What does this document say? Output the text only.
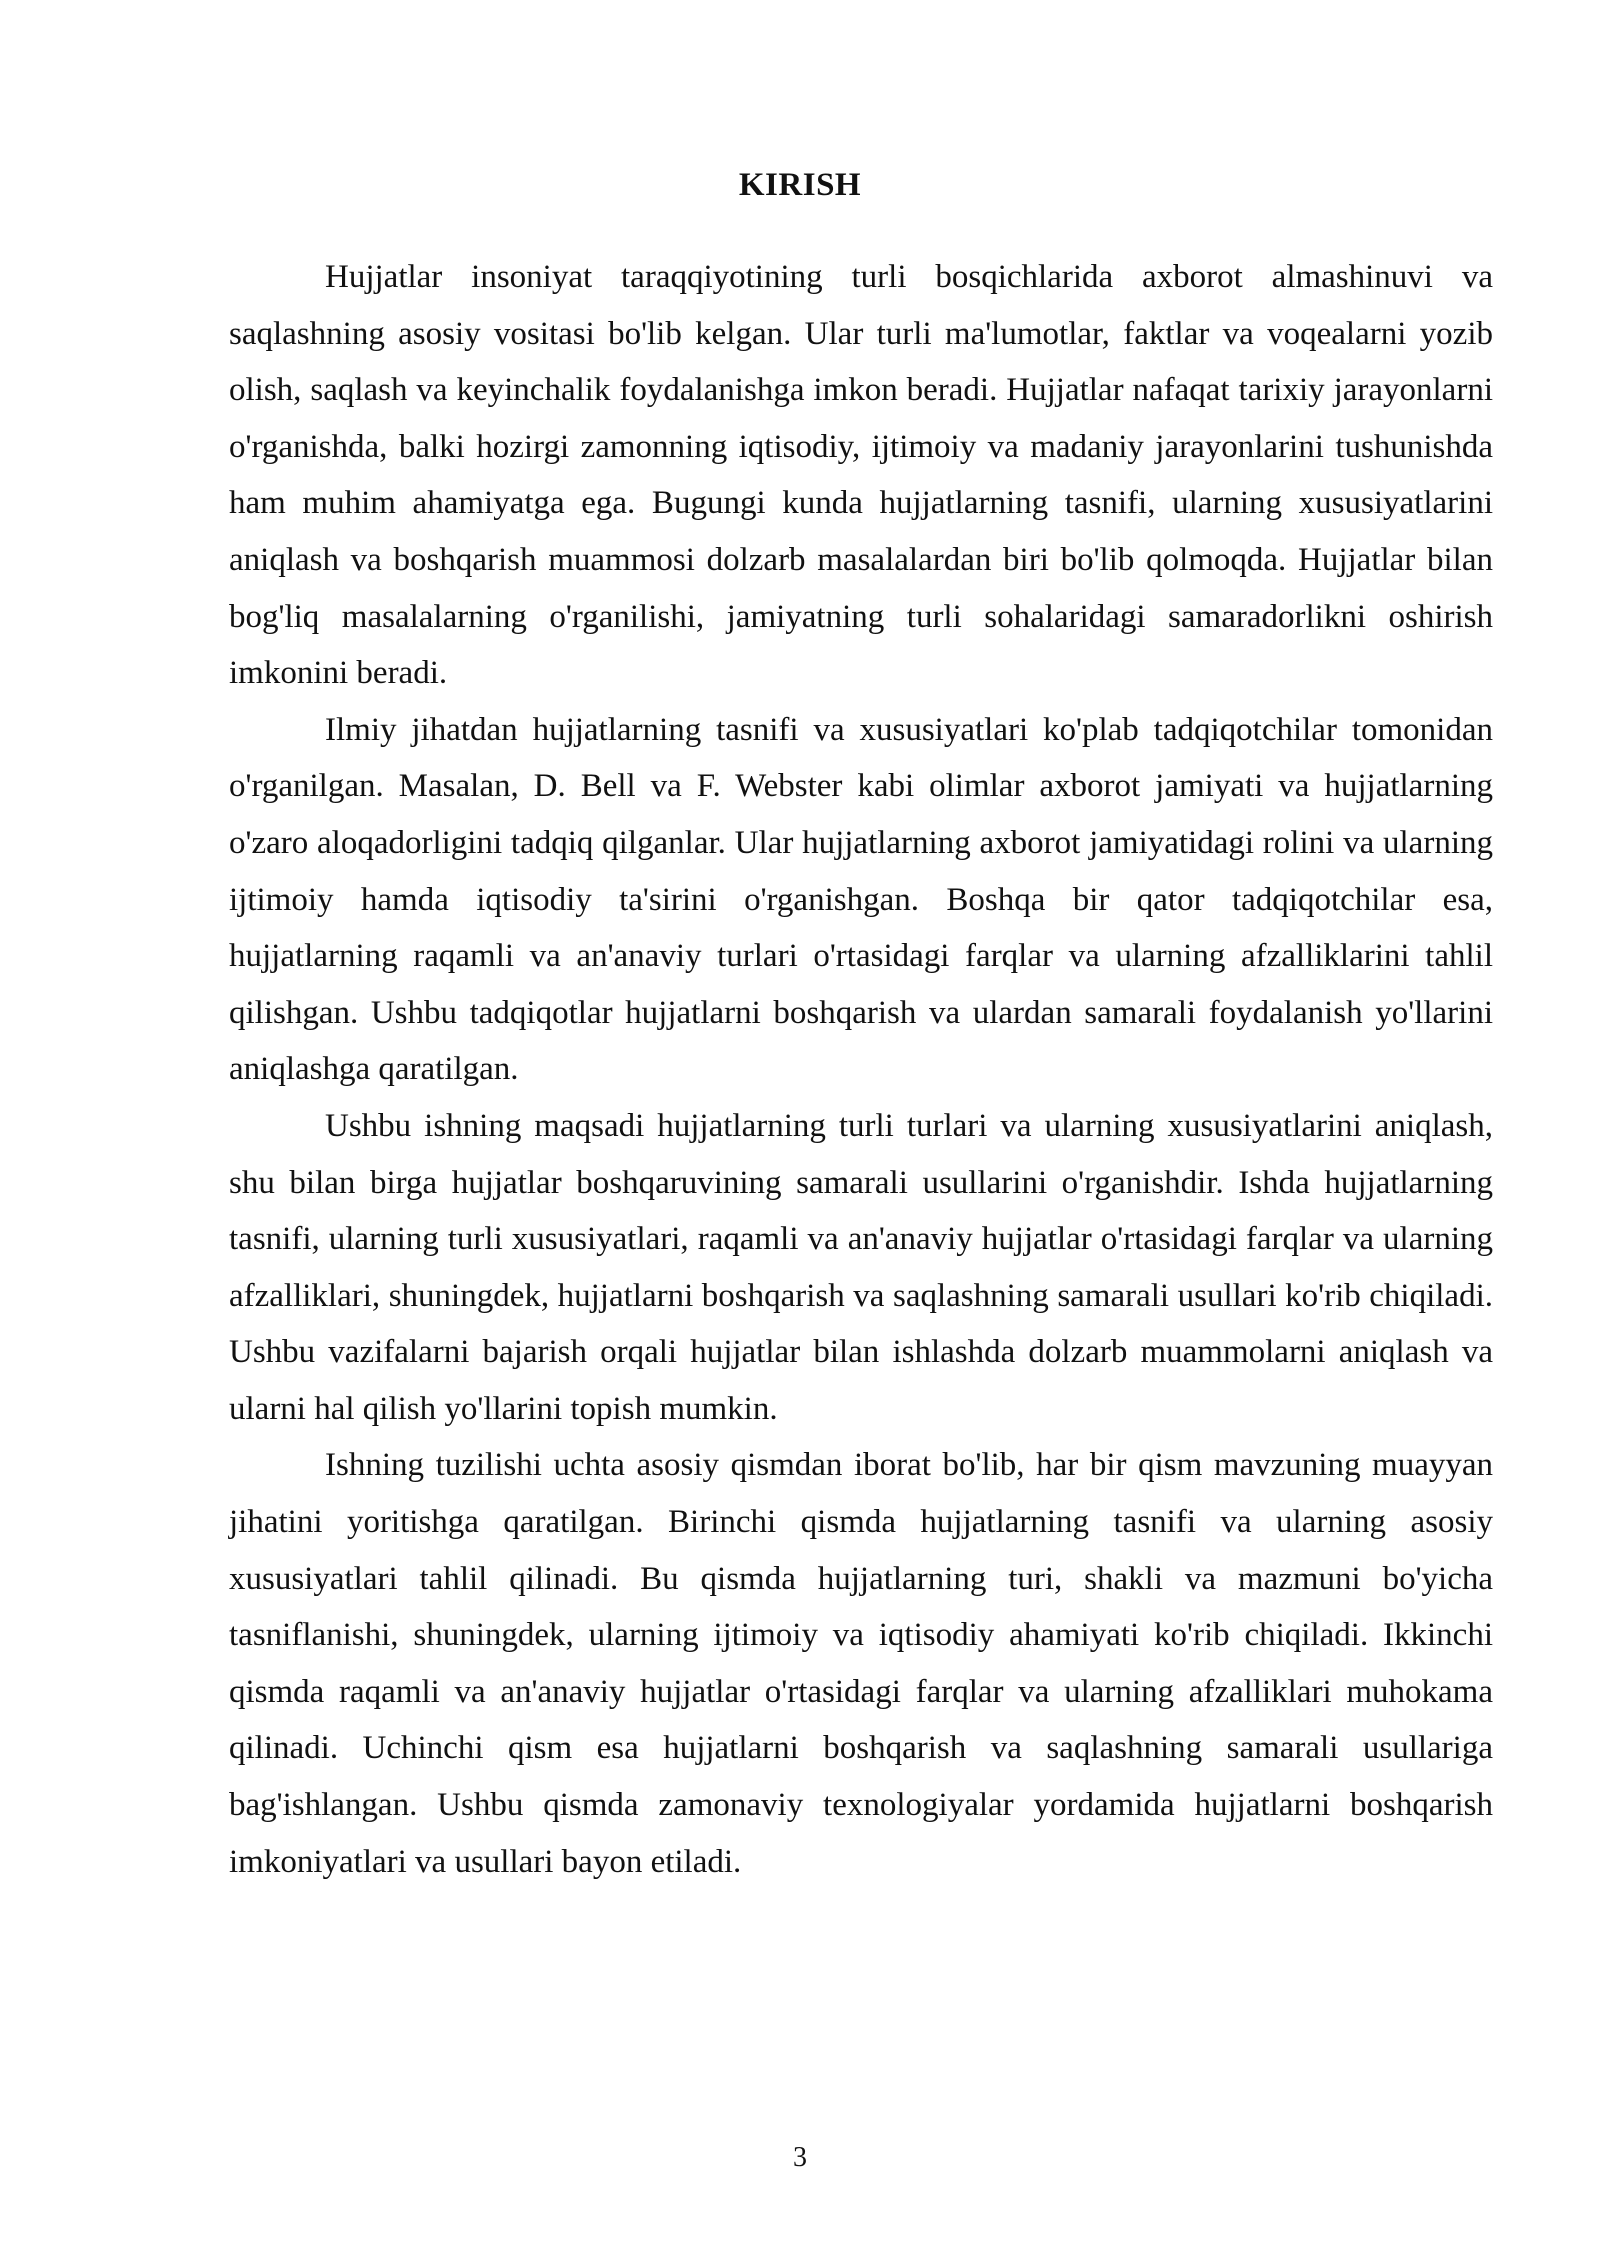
KIRISH

Hujjatlar insoniyat taraqqiyotining turli bosqichlarida axborot almashinuvi va saqlashning asosiy vositasi bo'lib kelgan. Ular turli ma'lumotlar, faktlar va voqealarni yozib olish, saqlash va keyinchalik foydalanishga imkon beradi. Hujjatlar nafaqat tarixiy jarayonlarni o'rganishda, balki hozirgi zamonning iqtisodiy, ijtimoiy va madaniy jarayonlarini tushunishda ham muhim ahamiyatga ega. Bugungi kunda hujjatlarning tasnifi, ularning xususiyatlarini aniqlash va boshqarish muammosi dolzarb masalalardan biri bo'lib qolmoqda. Hujjatlar bilan bog'liq masalalarning o'rganilishi, jamiyatning turli sohalaridagi samaradorlikni oshirish imkonini beradi.

Ilmiy jihatdan hujjatlarning tasnifi va xususiyatlari ko'plab tadqiqotchilar tomonidan o'rganilgan. Masalan, D. Bell va F. Webster kabi olimlar axborot jamiyati va hujjatlarning o'zaro aloqadorligini tadqiq qilganlar. Ular hujjatlarning axborot jamiyatidagi rolini va ularning ijtimoiy hamda iqtisodiy ta'sirini o'rganishgan. Boshqa bir qator tadqiqotchilar esa, hujjatlarning raqamli va an'anaviy turlari o'rtasidagi farqlar va ularning afzalliklarini tahlil qilishgan. Ushbu tadqiqotlar hujjatlarni boshqarish va ulardan samarali foydalanish yo'llarini aniqlashga qaratilgan.

Ushbu ishning maqsadi hujjatlarning turli turlari va ularning xususiyatlarini aniqlash, shu bilan birga hujjatlar boshqaruvining samarali usullarini o'rganishdir. Ishda hujjatlarning tasnifi, ularning turli xususiyatlari, raqamli va an'anaviy hujjatlar o'rtasidagi farqlar va ularning afzalliklari, shuningdek, hujjatlarni boshqarish va saqlashning samarali usullari ko'rib chiqiladi. Ushbu vazifalarni bajarish orqali hujjatlar bilan ishlashda dolzarb muammolarni aniqlash va ularni hal qilish yo'llarini topish mumkin.

Ishning tuzilishi uchta asosiy qismdan iborat bo'lib, har bir qism mavzuning muayyan jihatini yoritishga qaratilgan. Birinchi qismda hujjatlarning tasnifi va ularning asosiy xususiyatlari tahlil qilinadi. Bu qismda hujjatlarning turi, shakli va mazmuni bo'yicha tasniflanishi, shuningdek, ularning ijtimoiy va iqtisodiy ahamiyati ko'rib chiqiladi. Ikkinchi qismda raqamli va an'anaviy hujjatlar o'rtasidagi farqlar va ularning afzalliklari muhokama qilinadi. Uchinchi qism esa hujjatlarni boshqarish va saqlashning samarali usullariga bag'ishlangan. Ushbu qismda zamonaviy texnologiyalar yordamida hujjatlarni boshqarish imkoniyatlari va usullari bayon etiladi.

3
